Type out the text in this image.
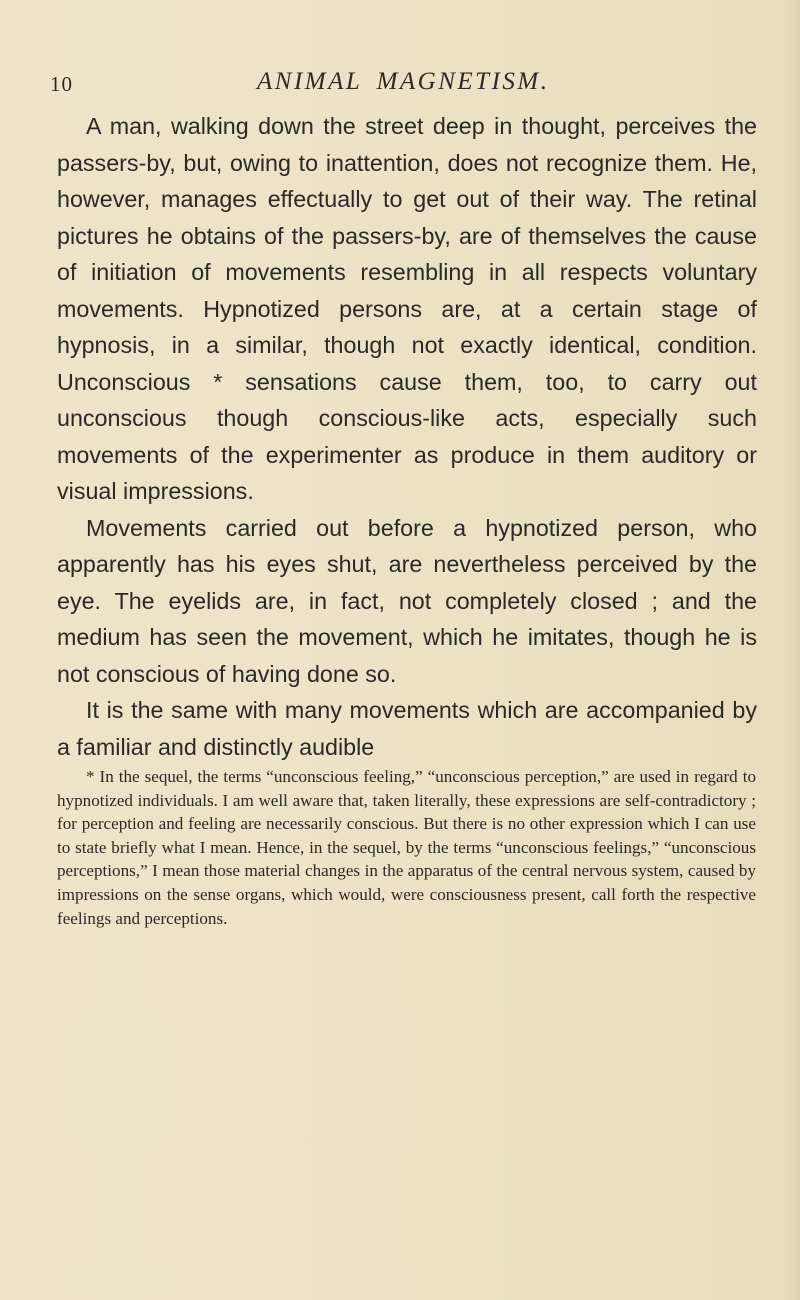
10	ANIMAL MAGNETISM.

A man, walking down the street deep in thought, perceives the passers-by, but, owing to inattention, does not recognize them. He, however, manages effectually to get out of their way. The retinal pictures he obtains of the passers-by, are of themselves the cause of initiation of movements resembling in all respects voluntary movements. Hypnotized persons are, at a certain stage of hypnosis, in a similar, though not exactly identical, condition. Unconscious * sensations cause them, too, to carry out unconscious though conscious-like acts, especially such movements of the experimenter as produce in them auditory or visual impressions.

Movements carried out before a hypnotized person, who apparently has his eyes shut, are nevertheless perceived by the eye. The eyelids are, in fact, not completely closed ; and the medium has seen the movement, which he imitates, though he is not conscious of having done so.

It is the same with many movements which are accompanied by a familiar and distinctly audible

* In the sequel, the terms “unconscious feeling,” “unconscious perception,” are used in regard to hypnotized individuals. I am well aware that, taken literally, these expressions are self-contradictory ; for perception and feeling are necessarily conscious. But there is no other expression which I can use to state briefly what I mean. Hence, in the sequel, by the terms “unconscious feelings,” “unconscious perceptions,” I mean those material changes in the apparatus of the central nervous system, caused by impressions on the sense organs, which would, were consciousness present, call forth the respective feelings and perceptions.
